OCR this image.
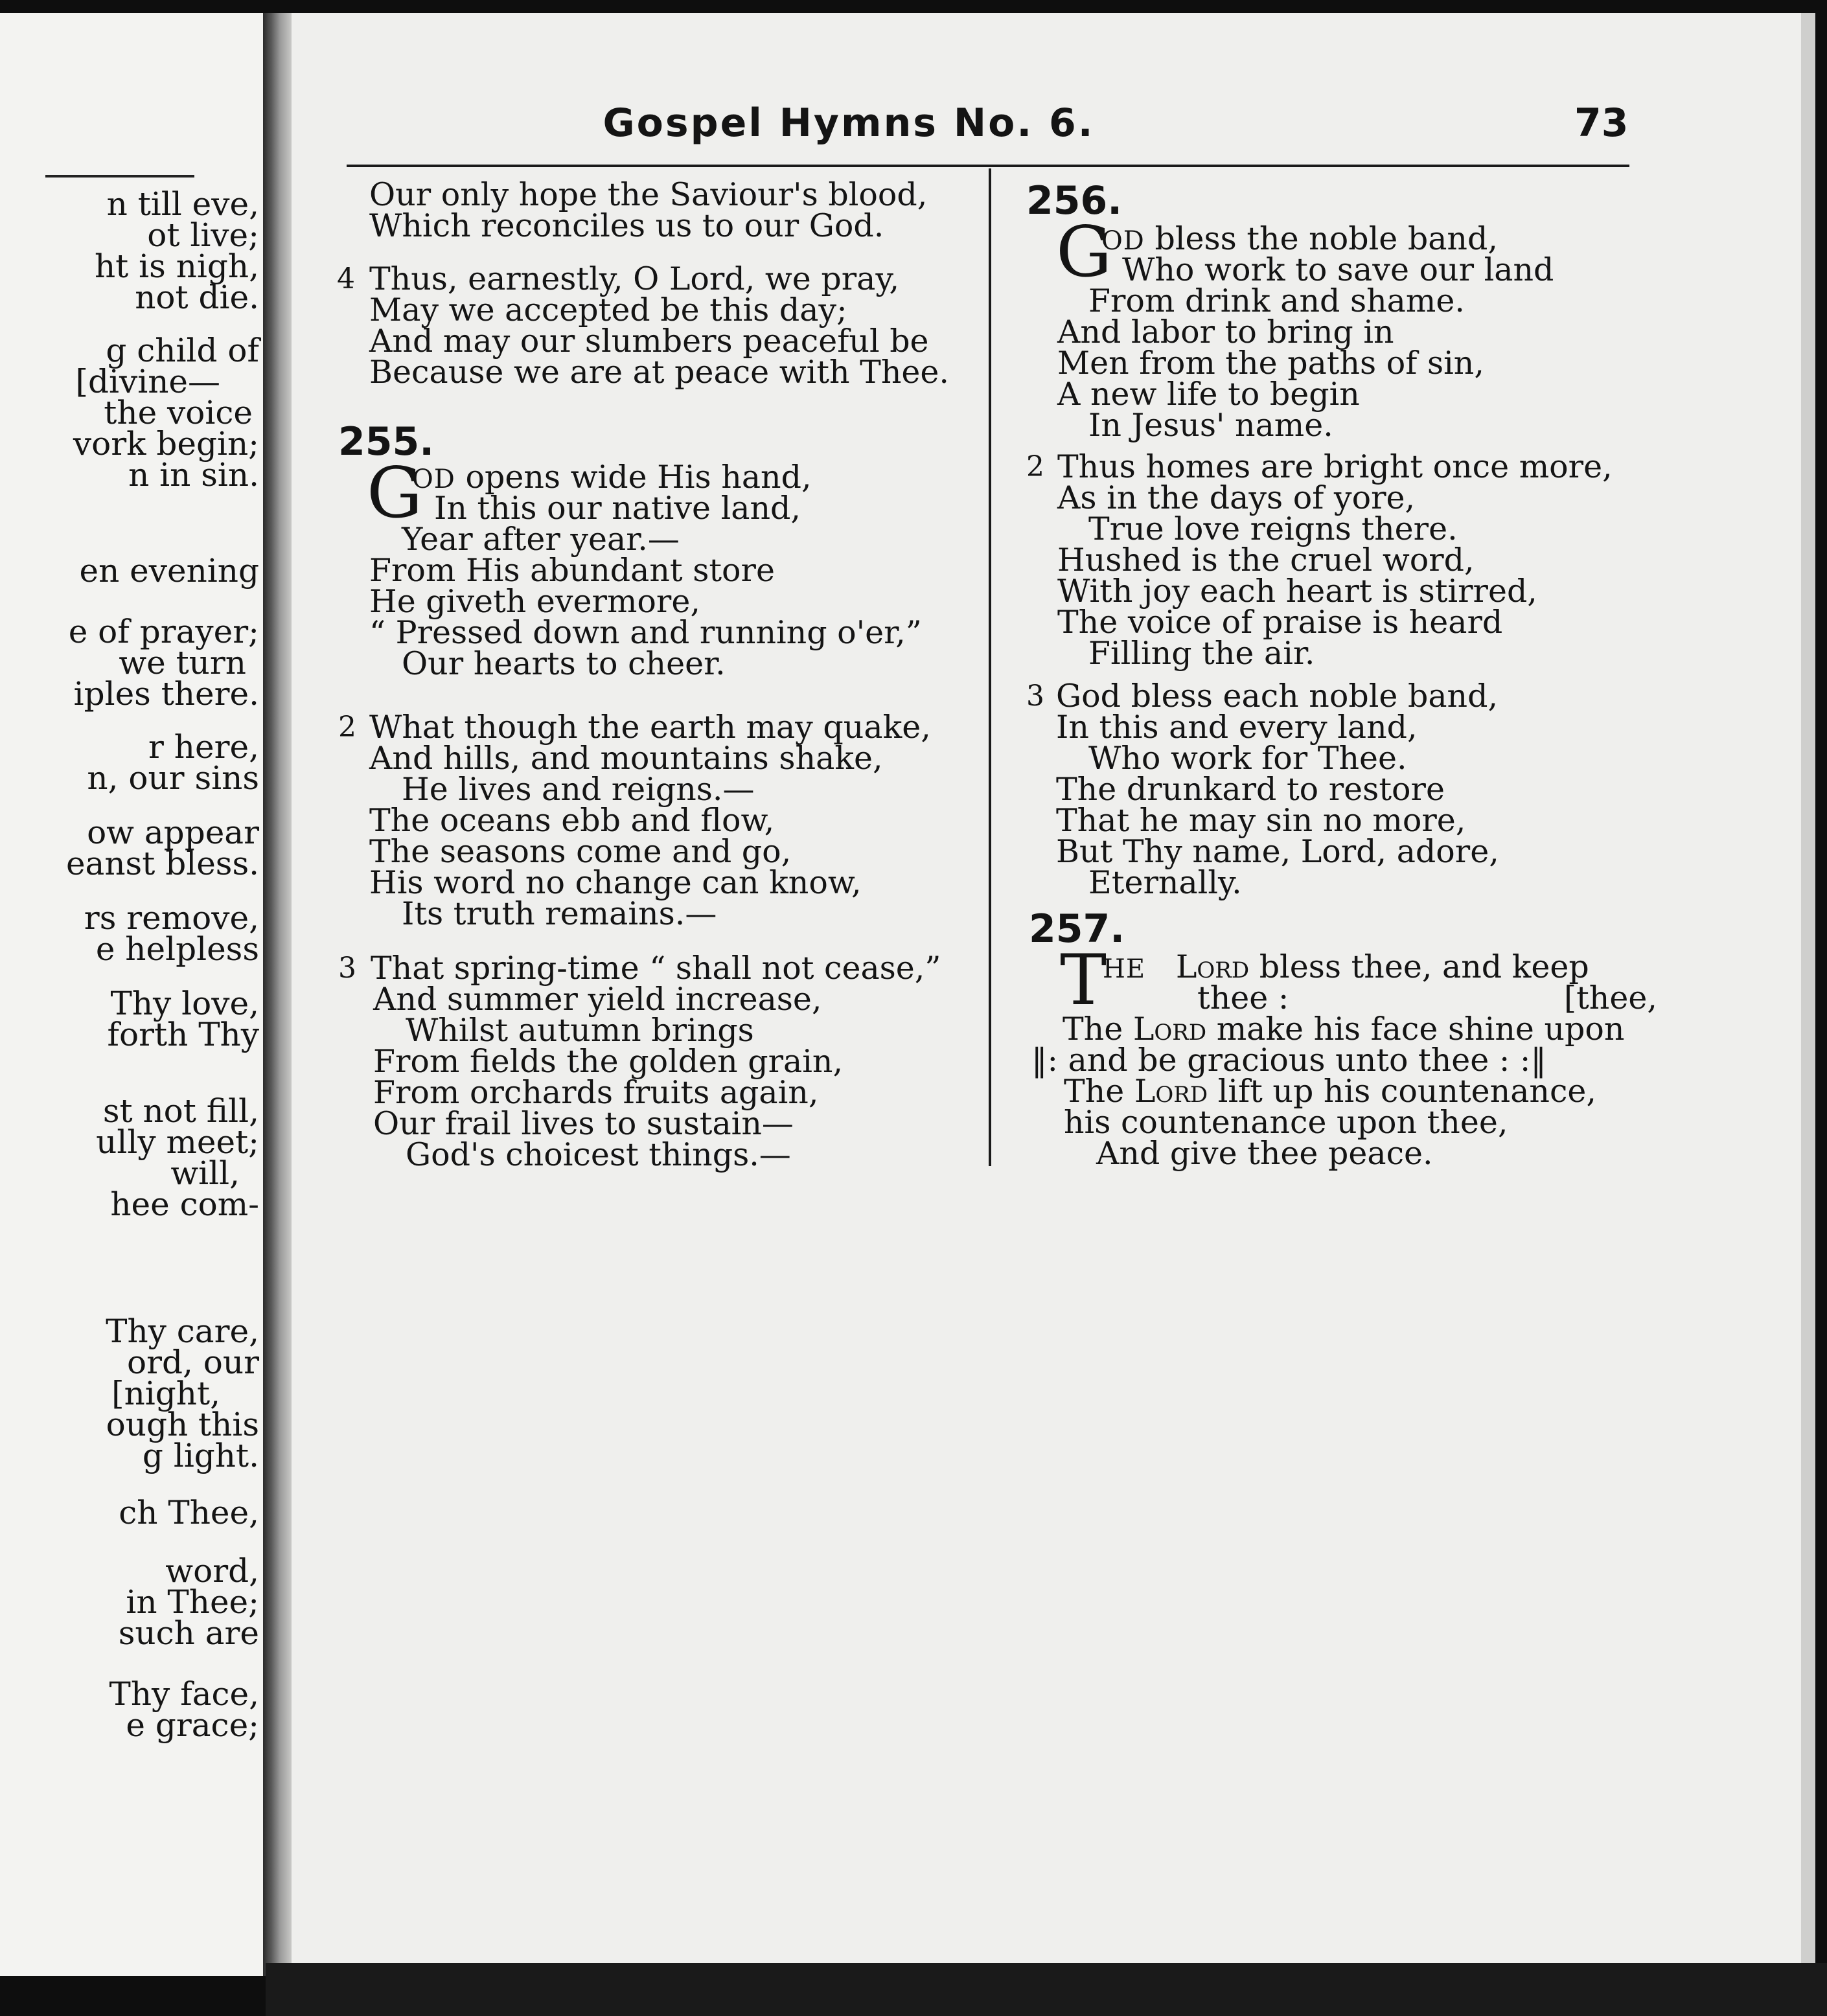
n till eve,
ot live;
ht is nigh,
not die.
g child of
[divine—
the voice
vork begin;
n in sin.
en evening
e of prayer;
we turn
iples there.
r here,
n, our sins
ow appear
eanst bless.
rs remove,
e helpless
Thy love,
forth Thy
st not fill,
ully meet;
will,
hee com-
Thy care,
ord, our
[night,
ough this
g light.
ch Thee,
word,
in Thee;
such are
Thy face,
e grace;
Gospel Hymns No. 6.	73
Our only hope the Saviour's blood,
Which reconciles us to our God.
4 Thus, earnestly, O Lord, we pray,
May we accepted be this day;
And may our slumbers peaceful be
Because we are at peace with Thee.
255.
G
OD opens wide His hand,
In this our native land,
Year after year.—
From His abundant store
He giveth evermore,
“ Pressed down and running o'er,”
Our hearts to cheer.
2 What though the earth may quake,
And hills, and mountains shake,
He lives and reigns.—
The oceans ebb and flow,
The seasons come and go,
His word no change can know,
Its truth remains.—
3 That spring-time “ shall not cease,”
And summer yield increase,
Whilst autumn brings
From fields the golden grain,
From orchards fruits again,
Our frail lives to sustain—
God's choicest things.—
256.
G
OD bless the noble band,
Who work to save our land
From drink and shame.
And labor to bring in
Men from the paths of sin,
A new life to begin
In Jesus' name.
2 Thus homes are bright once more,
As in the days of yore,
True love reigns there.
Hushed is the cruel word,
With joy each heart is stirred,
The voice of praise is heard
Filling the air.
3 God bless each noble band,
In this and every land,
Who work for Thee.
The drunkard to restore
That he may sin no more,
But Thy name, Lord, adore,
Eternally.
257.
T
HE Lord bless thee, and keep
thee :	[thee,
The Lord make his face shine upon
‖: and be gracious unto thee : :‖
The Lord lift up his countenance,
his countenance upon thee,
And give thee peace.
